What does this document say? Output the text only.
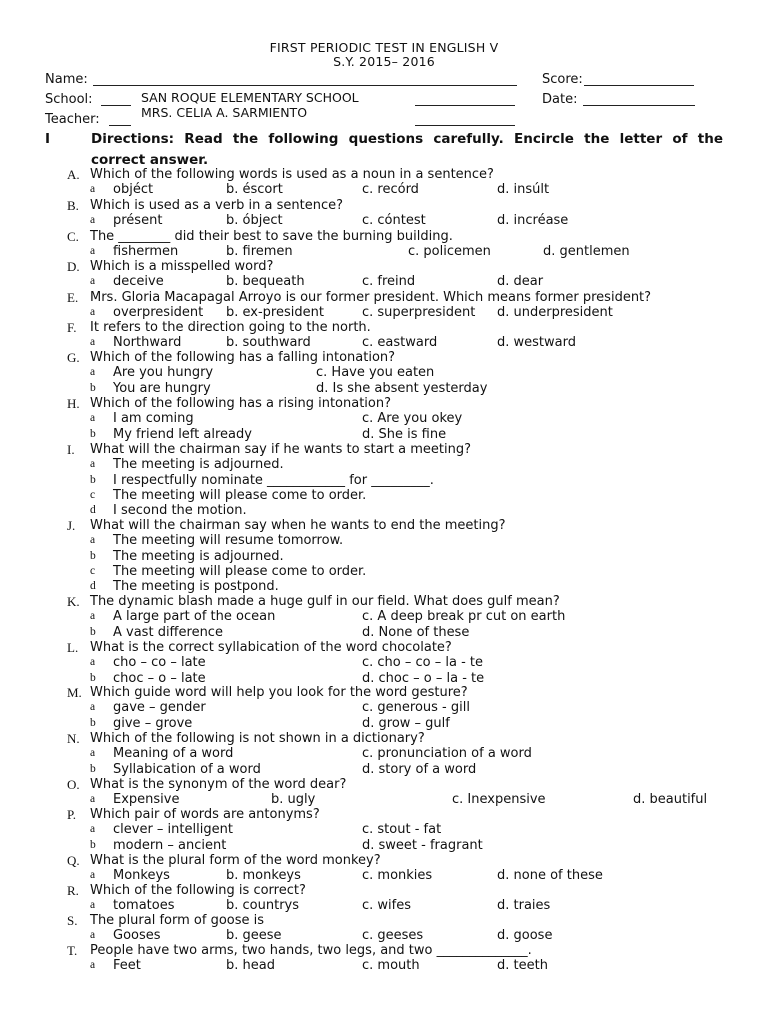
FIRST PERIODIC TEST IN ENGLISH V
S.Y. 2015– 2016
Name:	Score:
School:	SAN ROQUE ELEMENTARY SCHOOL	Date:
MRS. CELIA A. SARMIENTO
Teacher:
I	Directions: Read the following questions carefully. Encircle the letter of the correct answer.
A. Which of the following words is used as a noun in a sentence?
a objéct	b. éscort	c. recórd	d. insúlt
B. Which is used as a verb in a sentence?
a présent	b. óbject	c. cóntest	d. incréase
C. The ________ did their best to save the burning building.
a fishermen	b. firemen	c. policemen	d. gentlemen
D. Which is a misspelled word?
a deceive	b. bequeath	c. freind	d. dear
E. Mrs. Gloria Macapagal Arroyo is our former president. Which means former president?
a overpresident b. ex-president	c. superpresident d. underpresident
F. It refers to the direction going to the north.
a Northward	b. southward	c. eastward	d. westward
G. Which of the following has a falling intonation?
a Are you hungry	c. Have you eaten
b You are hungry	d. Is she absent yesterday
H. Which of the following has a rising intonation?
a I am coming	c. Are you okey
b My friend left already	d. She is fine
I. What will the chairman say if he wants to start a meeting?
a The meeting is adjourned.
b I respectfully nominate ____________ for _________.
c The meeting will please come to order.
d I second the motion.
J. What will the chairman say when he wants to end the meeting?
a The meeting will resume tomorrow.
b The meeting is adjourned.
c The meeting will please come to order.
d The meeting is postpond.
K. The dynamic blash made a huge gulf in our field. What does gulf mean?
a A large part of the ocean	c. A deep break pr cut on earth
b A vast difference	d. None of these
L. What is the correct syllabication of the word chocolate?
a cho – co – late	c. cho – co – la - te
b choc – o – late	d. choc – o – la - te
M. Which guide word will help you look for the word gesture?
a gave – gender	c. generous - gill
b give – grove	d. grow – gulf
N. Which of the following is not shown in a dictionary?
a Meaning of a word	c. pronunciation of a word
b Syllabication of a word	d. story of a word
O. What is the synonym of the word dear?
a Expensive	b. ugly	c. Inexpensive	d. beautiful
P. Which pair of words are antonyms?
a clever – intelligent	c. stout - fat
b modern – ancient	d. sweet - fragrant
Q. What is the plural form of the word monkey?
a Monkeys	b. monkeys	c. monkies	d. none of these
R. Which of the following is correct?
a tomatoes	b. countrys	c. wifes	d. traies
S. The plural form of goose is
a Gooses	b. geese	c. geeses	d. goose
T. People have two arms, two hands, two legs, and two ______________.
a Feet	b. head	c. mouth	d. teeth
